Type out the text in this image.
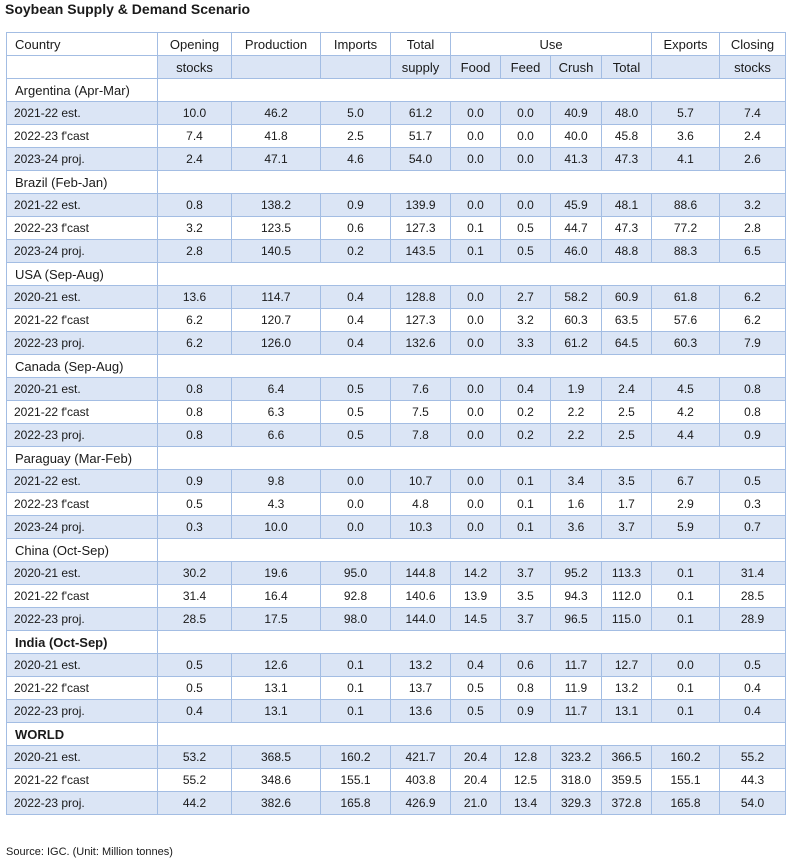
Soybean Supply & Demand Scenario
Country	Opening	Production	Imports	Total	Use				Exports	Closing
	stocks			supply	Food	Feed	Crush	Total		stocks
Argentina (Apr-Mar)										
2021-22 est.	10.0	46.2	5.0	61.2	0.0	0.0	40.9	48.0	5.7	7.4
2022-23 f'cast	7.4	41.8	2.5	51.7	0.0	0.0	40.0	45.8	3.6	2.4
2023-24 proj.	2.4	47.1	4.6	54.0	0.0	0.0	41.3	47.3	4.1	2.6
Brazil (Feb-Jan)										
2021-22 est.	0.8	138.2	0.9	139.9	0.0	0.0	45.9	48.1	88.6	3.2
2022-23 f'cast	3.2	123.5	0.6	127.3	0.1	0.5	44.7	47.3	77.2	2.8
2023-24 proj.	2.8	140.5	0.2	143.5	0.1	0.5	46.0	48.8	88.3	6.5
USA (Sep-Aug)										
2020-21 est.	13.6	114.7	0.4	128.8	0.0	2.7	58.2	60.9	61.8	6.2
2021-22 f'cast	6.2	120.7	0.4	127.3	0.0	3.2	60.3	63.5	57.6	6.2
2022-23 proj.	6.2	126.0	0.4	132.6	0.0	3.3	61.2	64.5	60.3	7.9
Canada (Sep-Aug)										
2020-21 est.	0.8	6.4	0.5	7.6	0.0	0.4	1.9	2.4	4.5	0.8
2021-22 f'cast	0.8	6.3	0.5	7.5	0.0	0.2	2.2	2.5	4.2	0.8
2022-23 proj.	0.8	6.6	0.5	7.8	0.0	0.2	2.2	2.5	4.4	0.9
Paraguay (Mar-Feb)										
2021-22 est.	0.9	9.8	0.0	10.7	0.0	0.1	3.4	3.5	6.7	0.5
2022-23 f'cast	0.5	4.3	0.0	4.8	0.0	0.1	1.6	1.7	2.9	0.3
2023-24 proj.	0.3	10.0	0.0	10.3	0.0	0.1	3.6	3.7	5.9	0.7
China (Oct-Sep)										
2020-21 est.	30.2	19.6	95.0	144.8	14.2	3.7	95.2	113.3	0.1	31.4
2021-22 f'cast	31.4	16.4	92.8	140.6	13.9	3.5	94.3	112.0	0.1	28.5
2022-23 proj.	28.5	17.5	98.0	144.0	14.5	3.7	96.5	115.0	0.1	28.9
India (Oct-Sep)										
2020-21 est.	0.5	12.6	0.1	13.2	0.4	0.6	11.7	12.7	0.0	0.5
2021-22 f'cast	0.5	13.1	0.1	13.7	0.5	0.8	11.9	13.2	0.1	0.4
2022-23 proj.	0.4	13.1	0.1	13.6	0.5	0.9	11.7	13.1	0.1	0.4
WORLD										
2020-21 est.	53.2	368.5	160.2	421.7	20.4	12.8	323.2	366.5	160.2	55.2
2021-22 f'cast	55.2	348.6	155.1	403.8	20.4	12.5	318.0	359.5	155.1	44.3
2022-23 proj.	44.2	382.6	165.8	426.9	21.0	13.4	329.3	372.8	165.8	54.0
Source: IGC. (Unit: Million tonnes)
